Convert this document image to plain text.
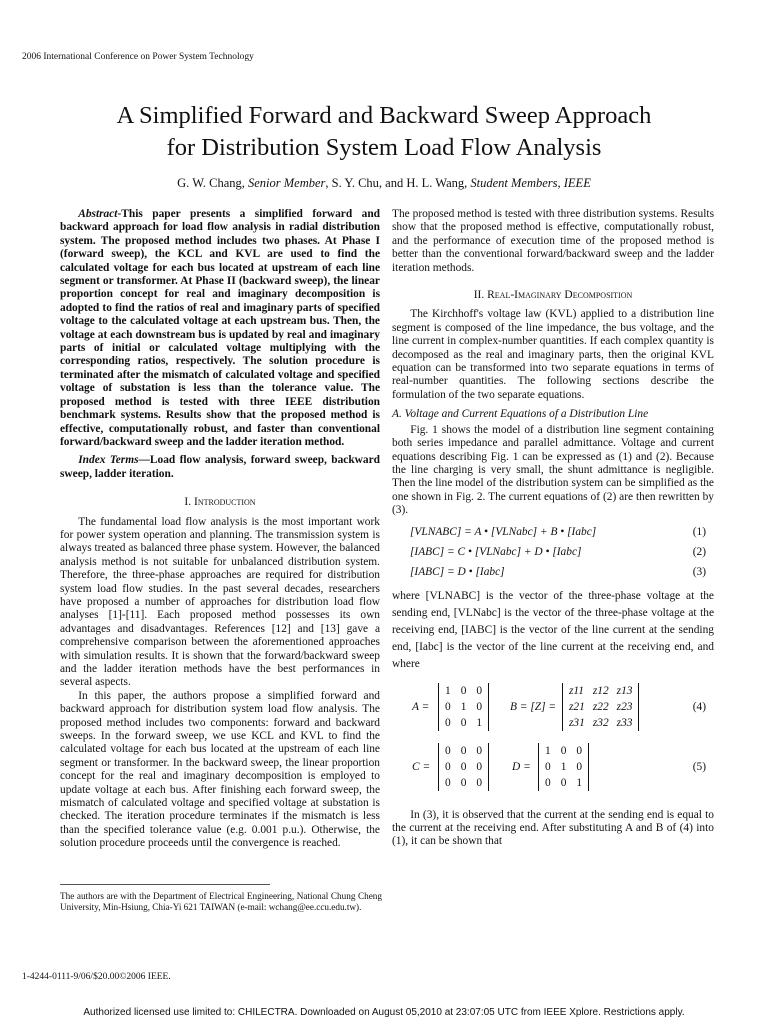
2006 International Conference on Power System Technology
A Simplified Forward and Backward Sweep Approach
for Distribution System Load Flow Analysis
G. W. Chang, Senior Member, S. Y. Chu, and H. L. Wang, Student Members, IEEE

Abstract-This paper presents a simplified forward and backward approach for load flow analysis in radial distribution system. The proposed method includes two phases. At Phase I (forward sweep), the KCL and KVL are used to find the calculated voltage for each bus located at upstream of each line segment or transformer. At Phase II (backward sweep), the linear proportion concept for real and imaginary decomposition is adopted to find the ratios of real and imaginary parts of specified voltage to the calculated voltage at each upstream bus. Then, the voltage at each downstream bus is updated by real and imaginary parts of initial or calculated voltage multiplying with the corresponding ratios, respectively. The solution procedure is terminated after the mismatch of calculated voltage and specified voltage of substation is less than the tolerance value. The proposed method is tested with three IEEE distribution benchmark systems. Results show that the proposed method is effective, computationally robust, and faster than conventional forward/backward sweep and the ladder iteration method.

Index Terms—Load flow analysis, forward sweep, backward sweep, ladder iteration.

I. Introduction

The fundamental load flow analysis is the most important work for power system operation and planning. The transmission system is always treated as balanced three phase system. However, the balanced analysis method is not suitable for unbalanced distribution system. Therefore, the three-phase approaches are required for distribution system load flow studies. In the past several decades, researchers have proposed a number of approaches for distribution load flow analyses [1]-[11]. Each proposed method possesses its own advantages and disadvantages. References [12] and [13] gave a comprehensive comparison between the aforementioned approaches with simulation results. It is shown that the forward/backward sweep and the ladder iteration methods have the best performances in several aspects.

In this paper, the authors propose a simplified forward and backward approach for distribution system load flow analysis. The proposed method includes two components: forward and backward sweeps. In the forward sweep, we use KCL and KVL to find the calculated voltage for each bus located at the upstream of each line segment or transformer. In the backward sweep, the linear proportion concept for the real and imaginary decomposition is employed to update voltage at each bus. After finishing each forward sweep, the mismatch of calculated voltage and specified voltage at substation is checked. The iteration procedure terminates if the mismatch is less than the specified tolerance value (e.g. 0.001 p.u.). Otherwise, the solution procedure proceeds until the convergence is reached.

The proposed method is tested with three distribution systems. Results show that the proposed method is effective, computationally robust, and the performance of execution time of the proposed method is better than the conventional forward/backward sweep and the ladder iteration methods.

II. Real-Imaginary Decomposition

The Kirchhoff's voltage law (KVL) applied to a distribution line segment is composed of the line impedance, the bus voltage, and the line current in complex-number quantities. If each complex quantity is decomposed as the real and imaginary parts, then the original KVL equation can be transformed into two separate equations in terms of real-number quantities. The following sections describe the formulation of the two separate equations.

A. Voltage and Current Equations of a Distribution Line

Fig. 1 shows the model of a distribution line segment containing both series impedance and parallel admittance. Voltage and current equations describing Fig. 1 can be expressed as (1) and (2). Because the line charging is very small, the shunt admittance is negligible. Then the line model of the distribution system can be simplified as the one shown in Fig. 2. The current equations of (2) are then rewritten by (3).

[VLNABC] = A • [VLNabc] + B • [Iabc]	(1)
[IABC] = C • [VLNabc] + D • [Iabc]	(2)
[IABC] = D • [Iabc]	(3)

where [VLNABC] is the vector of the three-phase voltage at the sending end, [VLNabc] is the vector of the three-phase voltage at the receiving end, [IABC] is the vector of the line current at the sending end, [Iabc] is the vector of the line current at the receiving end, and where

A =
1 0 0
0 1 0
0 0 1
B = [Z] =
z11 z12 z13
z21 z22 z23
z31 z32 z33
(4)
C =
0 0 0
0 0 0
0 0 0
D =
1 0 0
0 1 0
0 0 1
(5)

In (3), it is observed that the current at the sending end is equal to the current at the receiving end. After substituting A and B of (4) into (1), it can be shown that

The authors are with the Department of Electrical Engineering, National Chung Cheng University, Min-Hsiung, Chia-Yi 621 TAIWAN (e-mail: wchang@ee.ccu.edu.tw).
1-4244-0111-9/06/$20.00©2006 IEEE.
Authorized licensed use limited to: CHILECTRA. Downloaded on August 05,2010 at 23:07:05 UTC from IEEE Xplore. Restrictions apply.
